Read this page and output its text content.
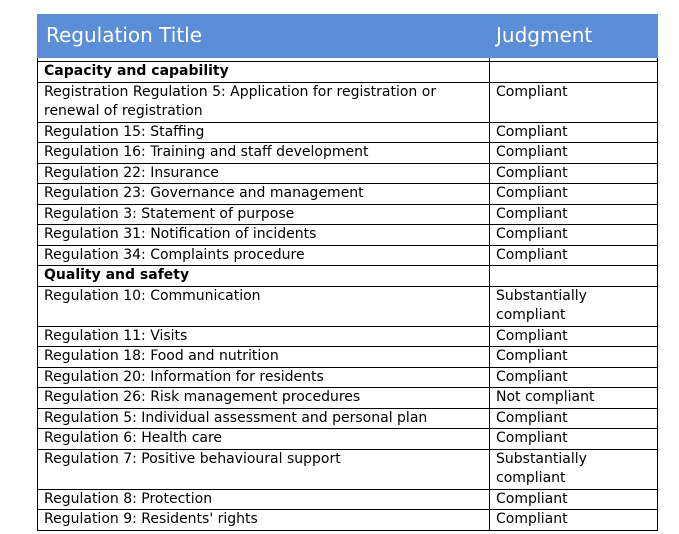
Regulation Title	Judgment

Capacity and capability	
Registration Regulation 5: Application for registration or renewal of registration	Compliant
Regulation 15: Staffing	Compliant
Regulation 16: Training and staff development	Compliant
Regulation 22: Insurance	Compliant
Regulation 23: Governance and management	Compliant
Regulation 3: Statement of purpose	Compliant
Regulation 31: Notification of incidents	Compliant
Regulation 34: Complaints procedure	Compliant
Quality and safety	
Regulation 10: Communication	Substantially compliant
Regulation 11: Visits	Compliant
Regulation 18: Food and nutrition	Compliant
Regulation 20: Information for residents	Compliant
Regulation 26: Risk management procedures	Not compliant
Regulation 5: Individual assessment and personal plan	Compliant
Regulation 6: Health care	Compliant
Regulation 7: Positive behavioural support	Substantially compliant
Regulation 8: Protection	Compliant
Regulation 9: Residents' rights	Compliant
